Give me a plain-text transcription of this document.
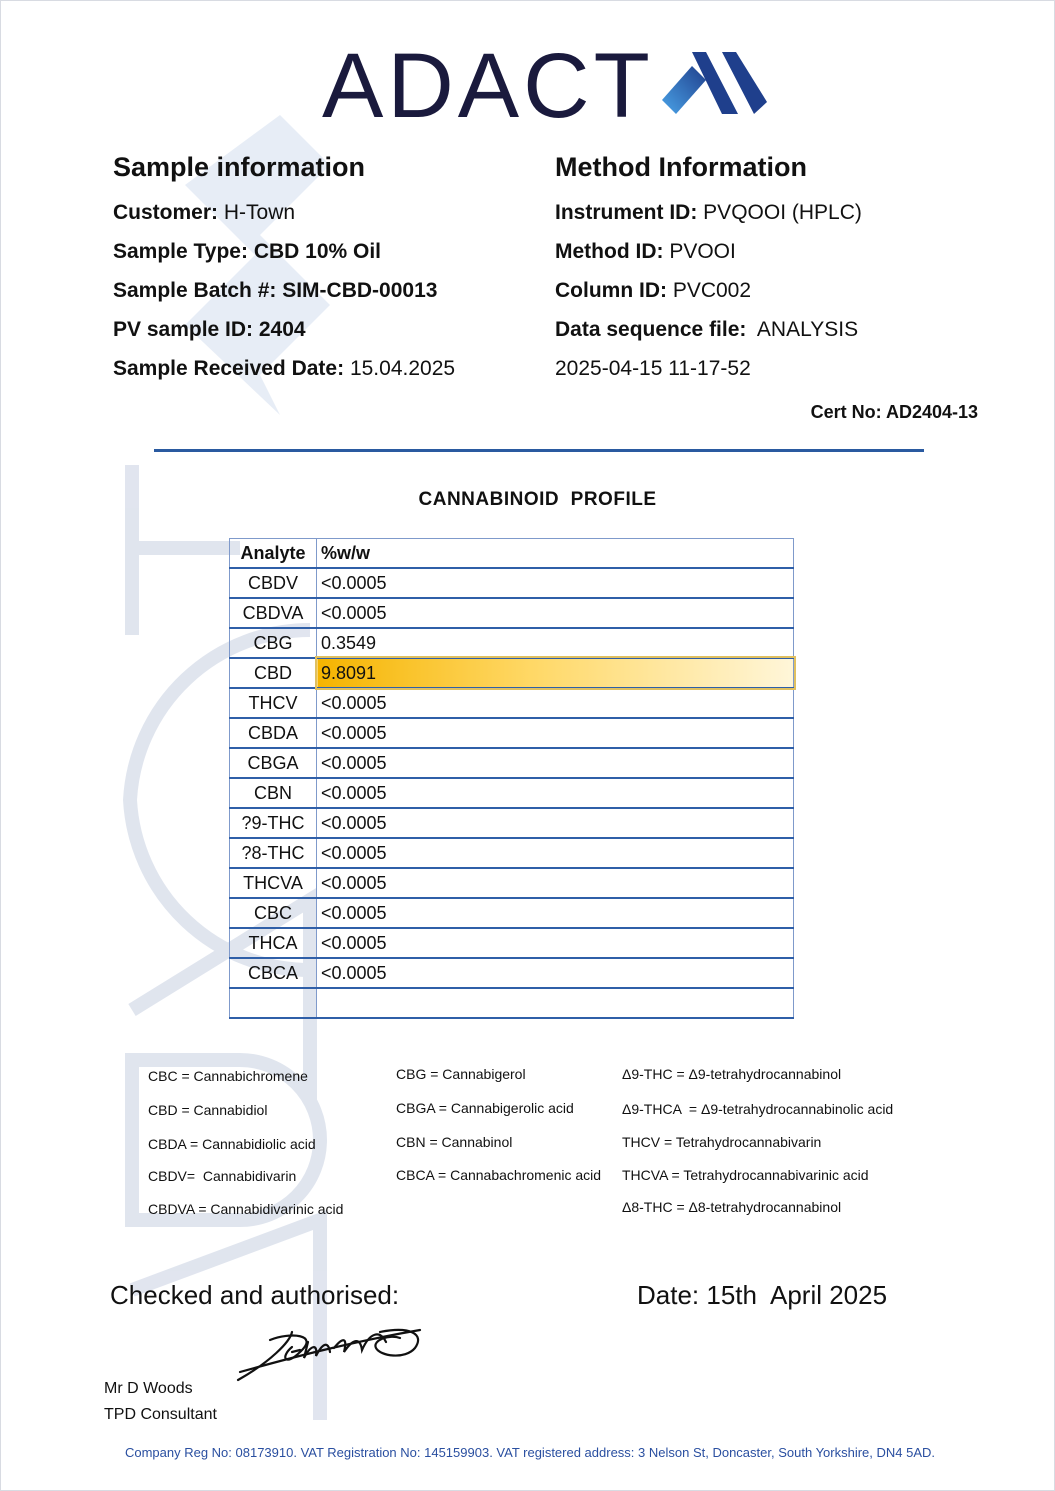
ADACT
Sample information
Customer: H-Town
Sample Type: CBD 10% Oil
Sample Batch #: SIM-CBD-00013
PV sample ID: 2404
Sample Received Date: 15.04.2025
Method Information
Instrument ID: PVQOOI (HPLC)
Method ID: PVOOI
Column ID: PVC002
Data sequence file:  ANALYSIS
2025-04-15 11-17-52
Cert No: AD2404-13
CANNABINOID  PROFILE
Analyte	%w/w
CBDV	<0.0005
CBDVA	<0.0005
CBG	0.3549
CBD	9.8091
THCV	<0.0005
CBDA	<0.0005
CBGA	<0.0005
CBN	<0.0005
?9-THC	<0.0005
?8-THC	<0.0005
THCVA	<0.0005
CBC	<0.0005
THCA	<0.0005
CBCA	<0.0005

CBC = Cannabichromene
CBD = Cannabidiol
CBDA = Cannabidiolic acid
CBDV=  Cannabidivarin
CBDVA = Cannabidivarinic acid
CBG = Cannabigerol
CBGA = Cannabigerolic acid
CBN = Cannabinol
CBCA = Cannabachromenic acid
Δ9-THC = Δ9-tetrahydrocannabinol
Δ9-THCA  = Δ9-tetrahydrocannabinolic acid
THCV = Tetrahydrocannabivarin
THCVA = Tetrahydrocannabivarinic acid
Δ8-THC = Δ8-tetrahydrocannabinol
Checked and authorised:	Date: 15th  April 2025
Mr D Woods
TPD Consultant
Company Reg No: 08173910. VAT Registration No: 145159903. VAT registered address: 3 Nelson St, Doncaster, South Yorkshire, DN4 5AD.
